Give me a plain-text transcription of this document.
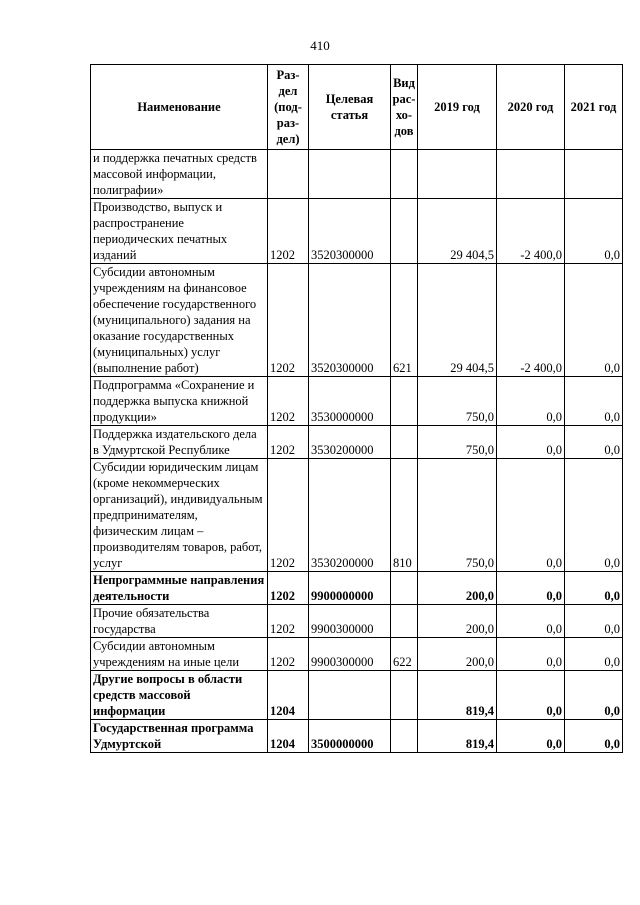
410
Наименование	Раз-
дел
(под-
раз-
дел)	Целевая
статья	Вид
рас-
хо-
дов	2019 год	2020 год	2021 год
и поддержка печатных средств массовой информации, полиграфии»						
Производство, выпуск и распространение периодических печатных изданий	1202	3520300000		29 404,5	-2 400,0	0,0
Субсидии автономным учреждениям на финансовое обеспечение государственного (муниципального) задания на оказание государственных (муниципальных) услуг (выполнение работ)	1202	3520300000	621	29 404,5	-2 400,0	0,0
Подпрограмма «Сохранение и поддержка выпуска книжной продукции»	1202	3530000000		750,0	0,0	0,0
Поддержка издательского дела в Удмуртской Республике	1202	3530200000		750,0	0,0	0,0
Субсидии юридическим лицам (кроме некоммерческих организаций), индивидуальным предпринимателям, физическим лицам – производителям товаров, работ, услуг	1202	3530200000	810	750,0	0,0	0,0
Непрограммные направления деятельности	1202	9900000000		200,0	0,0	0,0
Прочие обязательства государства	1202	9900300000		200,0	0,0	0,0
Субсидии автономным учреждениям на иные цели	1202	9900300000	622	200,0	0,0	0,0
Другие вопросы в области средств массовой информации	1204			819,4	0,0	0,0
Государственная программа Удмуртской	1204	3500000000		819,4	0,0	0,0
